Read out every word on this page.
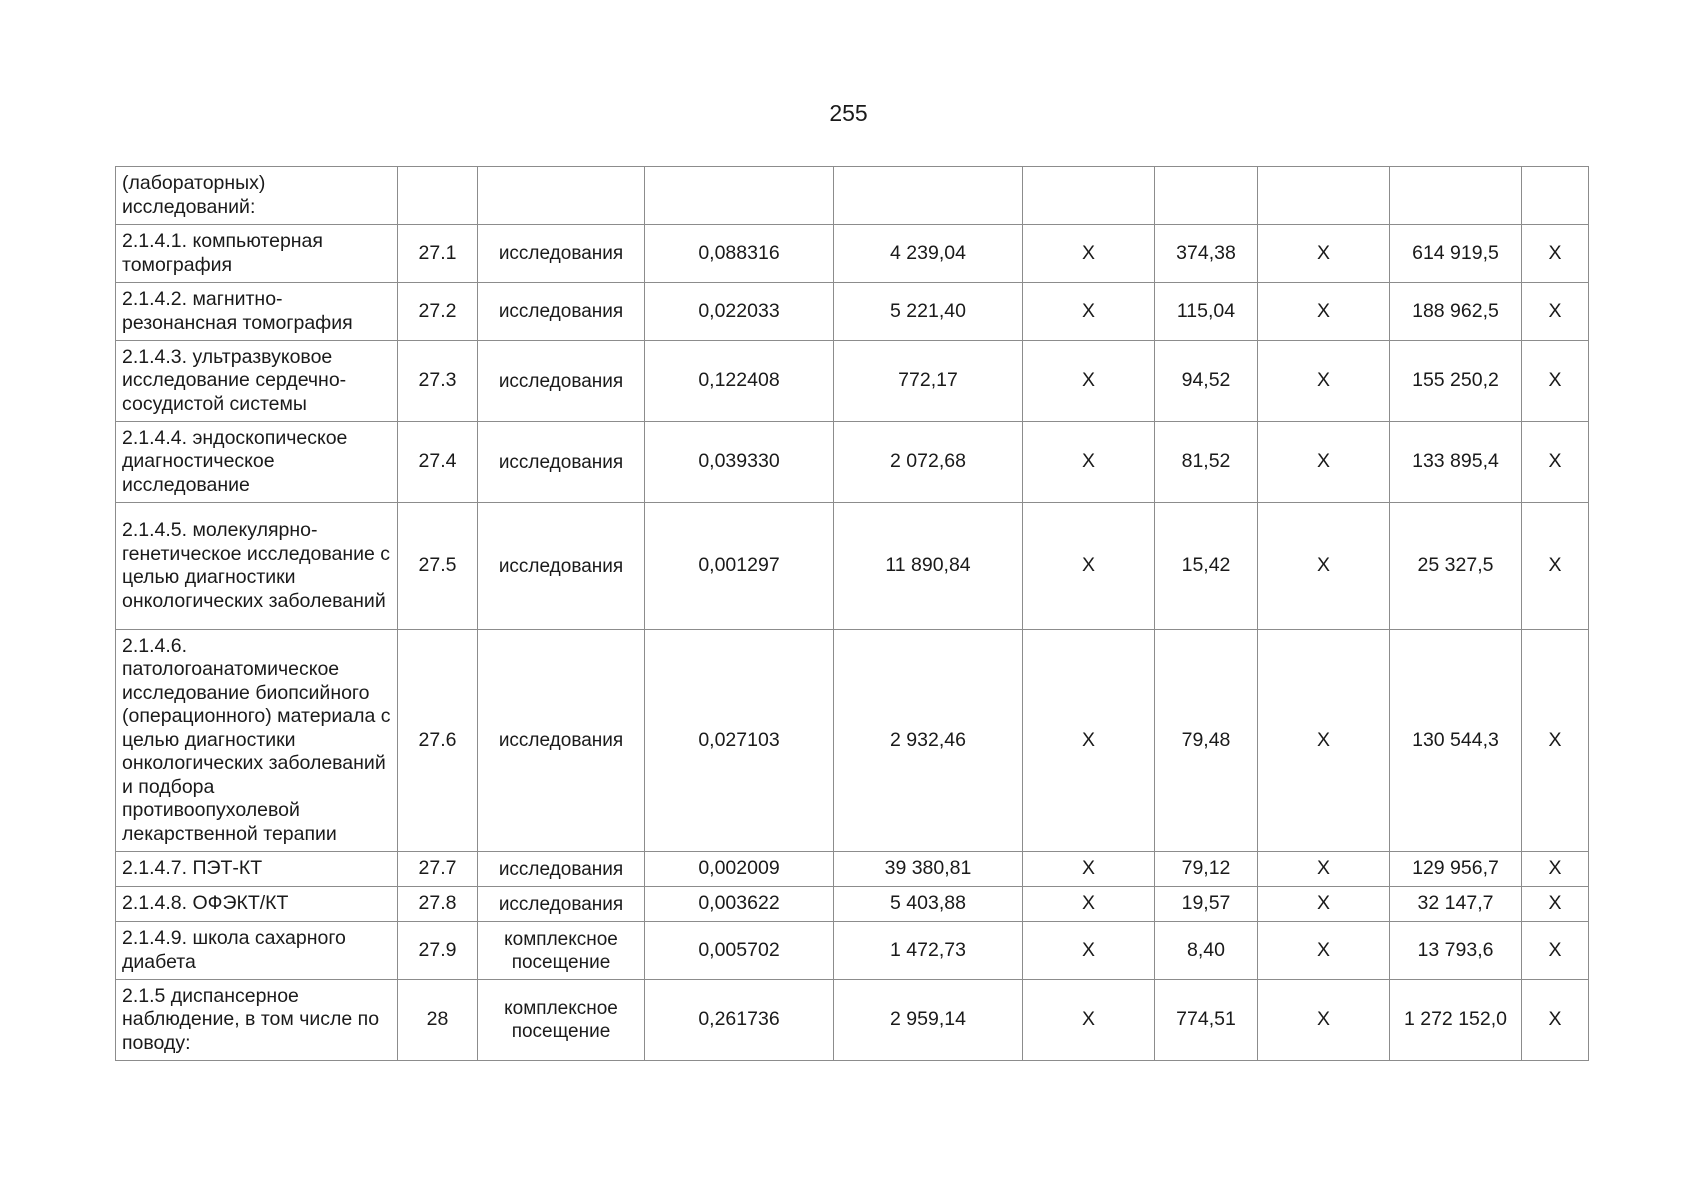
255
(лабораторных) исследований:									
2.1.4.1. компьютерная томография	27.1	исследования	0,088316	4 239,04	Х	374,38	Х	614 919,5	Х
2.1.4.2. магнитно-резонансная томография	27.2	исследования	0,022033	5 221,40	Х	115,04	Х	188 962,5	Х
2.1.4.3. ультразвуковое исследование сердечно-сосудистой системы	27.3	исследования	0,122408	772,17	Х	94,52	Х	155 250,2	Х
2.1.4.4. эндоскопическое диагностическое исследование	27.4	исследования	0,039330	2 072,68	Х	81,52	Х	133 895,4	Х
2.1.4.5. молекулярно-генетическое исследование с целью диагностики онкологических заболеваний	27.5	исследования	0,001297	11 890,84	Х	15,42	Х	25 327,5	Х
2.1.4.6. патологоанатомическое исследование биопсийного (операционного) материала с целью диагностики онкологических заболеваний и подбора противоопухолевой лекарственной терапии	27.6	исследования	0,027103	2 932,46	Х	79,48	Х	130 544,3	Х
2.1.4.7. ПЭТ-КТ	27.7	исследования	0,002009	39 380,81	Х	79,12	Х	129 956,7	Х
2.1.4.8. ОФЭКТ/КТ	27.8	исследования	0,003622	5 403,88	Х	19,57	Х	32 147,7	Х
2.1.4.9. школа сахарного диабета	27.9	комплексное посещение	0,005702	1 472,73	Х	8,40	Х	13 793,6	Х
2.1.5 диспансерное наблюдение, в том числе по поводу:	28	комплексное посещение	0,261736	2 959,14	Х	774,51	Х	1 272 152,0	Х
